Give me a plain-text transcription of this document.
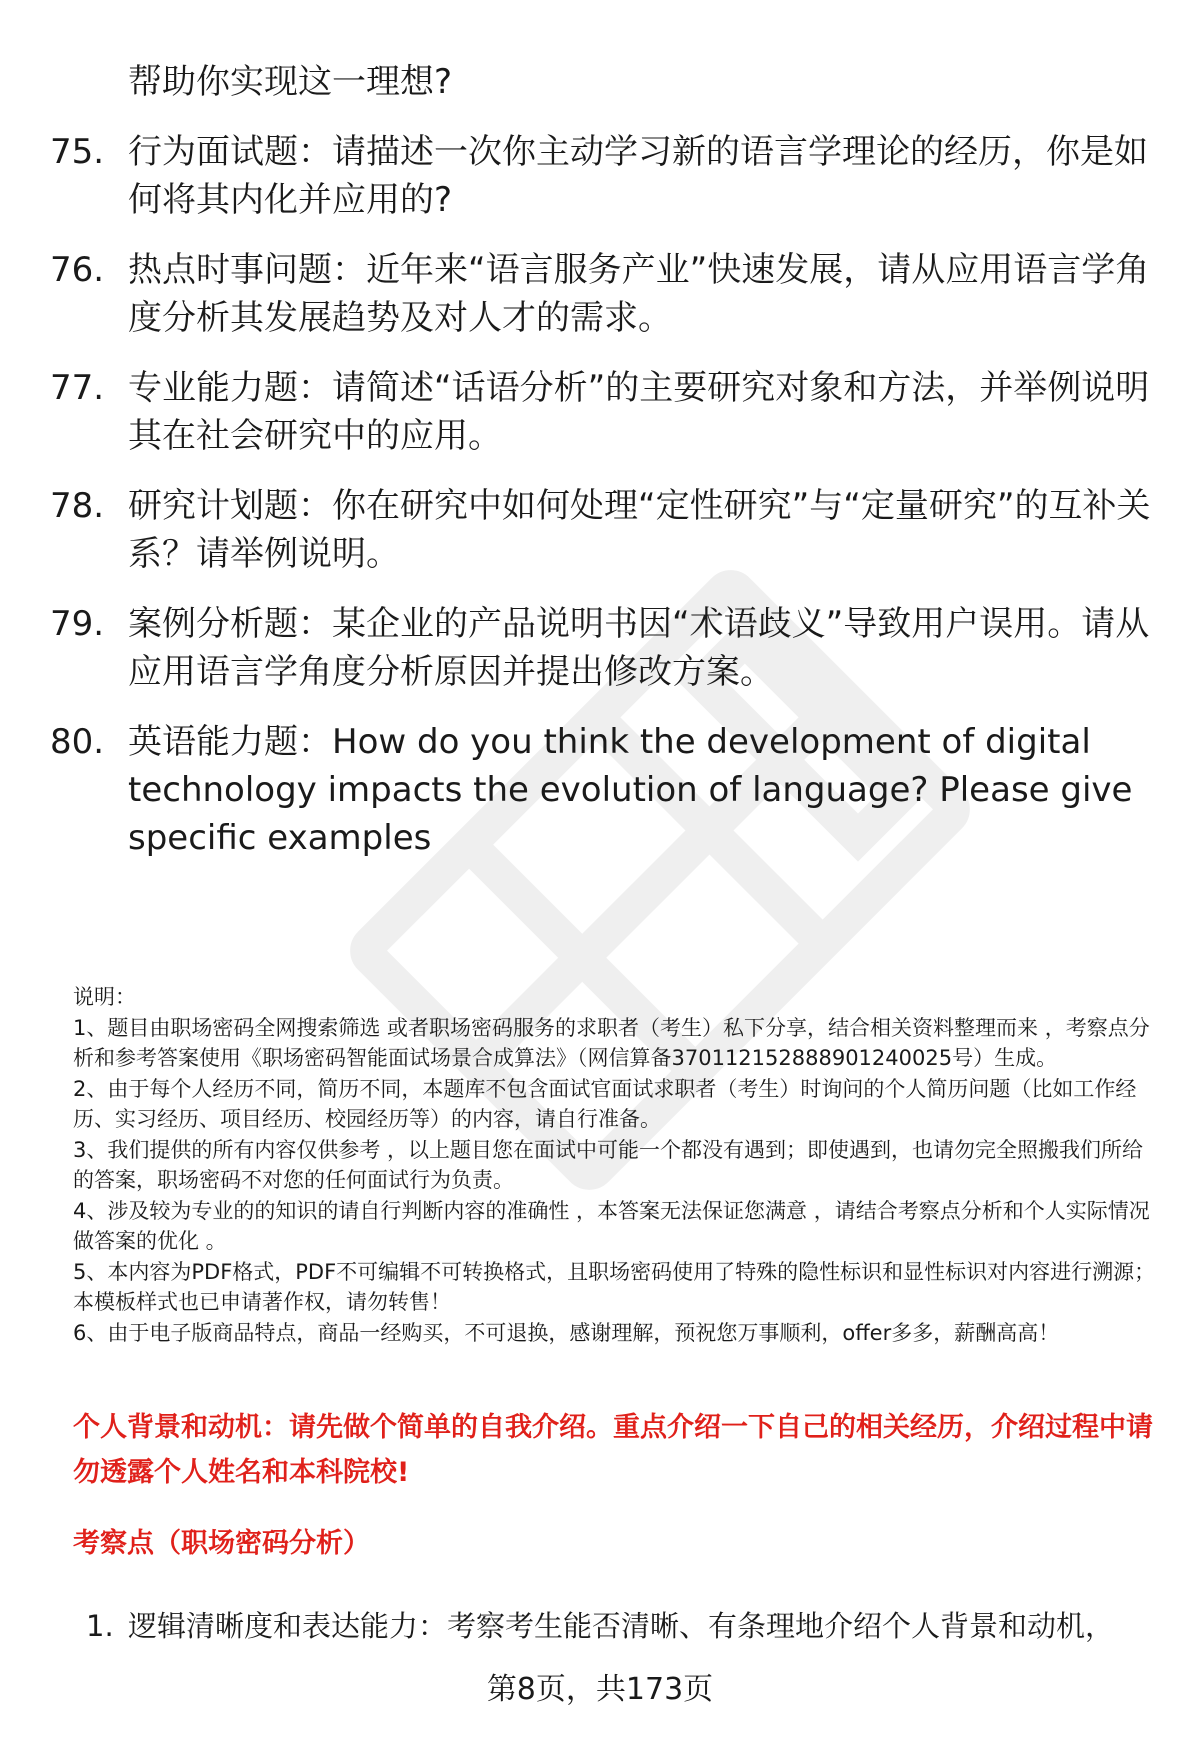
帮助你实现这一理想?
75. 行为面试题：请描述一次你主动学习新的语言学理论的经历，你是如何将其内化并应用的?
76. 热点时事问题：近年来“语言服务产业”快速发展，请从应用语言学角度分析其发展趋势及对人才的需求。
77. 专业能力题：请简述“话语分析”的主要研究对象和方法，并举例说明其在社会研究中的应用。
78. 研究计划题：你在研究中如何处理“定性研究”与“定量研究”的互补关系？请举例说明。
79. 案例分析题：某企业的产品说明书因“术语歧义”导致用户误用。请从应用语言学角度分析原因并提出修改方案。
80. 英语能力题：How do you think the development of digital technology impacts the evolution of language? Please give specific examples

说明：

1、题目由职场密码全网搜索筛选 或者职场密码服务的求职者（考生）私下分享，结合相关资料整理而来 ，考察点分析和参考答案使用《职场密码智能面试场景合成算法》（网信算备370112152888901240025号）生成。

2、由于每个人经历不同，简历不同，本题库不包含面试官面试求职者（考生）时询问的个人简历问题（比如工作经历、实习经历、项目经历、校园经历等）的内容，请自行准备。

3、我们提供的所有内容仅供参考 ，以上题目您在面试中可能一个都没有遇到；即使遇到，也请勿完全照搬我们所给的答案，职场密码不对您的任何面试行为负责。

4、涉及较为专业的的知识的请自行判断内容的准确性 ，本答案无法保证您满意 ，请结合考察点分析和个人实际情况做答案的优化 。

5、本内容为PDF格式，PDF不可编辑不可转换格式，且职场密码使用了特殊的隐性标识和显性标识对内容进行溯源；本模板样式也已申请著作权，请勿转售！

6、由于电子版商品特点，商品一经购买，不可退换，感谢理解，预祝您万事顺利，offer多多，薪酬高高！

个人背景和动机：请先做个简单的自我介绍。重点介绍一下自己的相关经历，介绍过程中请勿透露个人姓名和本科院校!
考察点（职场密码分析）
1. 逻辑清晰度和表达能力：考察考生能否清晰、有条理地介绍个人背景和动机，
第8页，共173页
